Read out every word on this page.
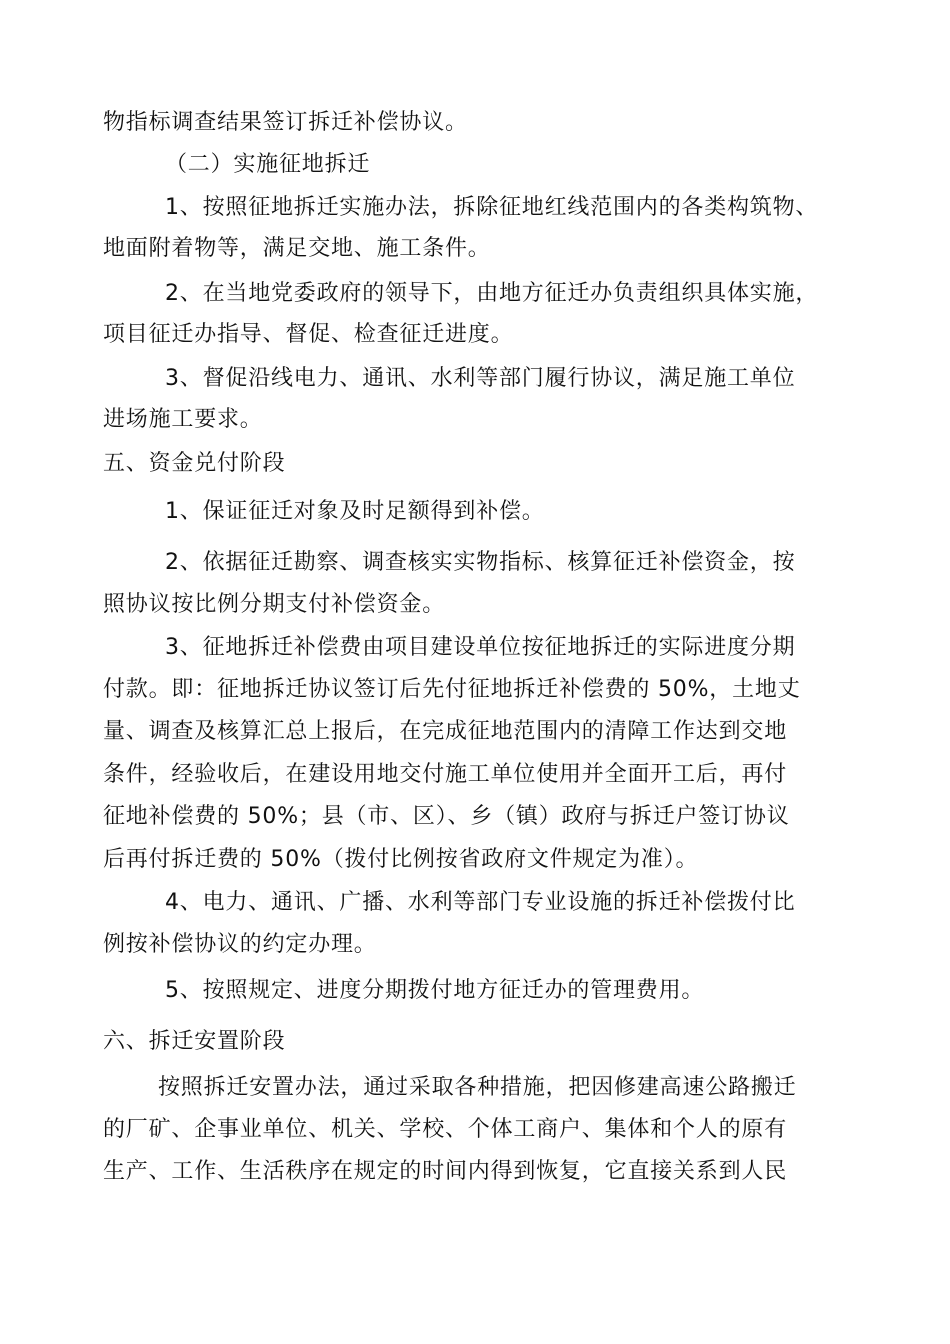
物指标调查结果签订拆迁补偿协议。
（二）实施征地拆迁
1、按照征地拆迁实施办法，拆除征地红线范围内的各类构筑物、
地面附着物等，满足交地、施工条件。
2、在当地党委政府的领导下，由地方征迁办负责组织具体实施，
项目征迁办指导、督促、检查征迁进度。
3、督促沿线电力、通讯、水利等部门履行协议，满足施工单位
进场施工要求。
五、资金兑付阶段
1、保证征迁对象及时足额得到补偿。
2、依据征迁勘察、调查核实实物指标、核算征迁补偿资金，按
照协议按比例分期支付补偿资金。
3、征地拆迁补偿费由项目建设单位按征地拆迁的实际进度分期
付款。即：征地拆迁协议签订后先付征地拆迁补偿费的 50%，土地丈
量、调查及核算汇总上报后，在完成征地范围内的清障工作达到交地
条件，经验收后，在建设用地交付施工单位使用并全面开工后，再付
征地补偿费的 50%；县（市、区）、乡（镇）政府与拆迁户签订协议
后再付拆迁费的 50%（拨付比例按省政府文件规定为准）。
4、电力、通讯、广播、水利等部门专业设施的拆迁补偿拨付比
例按补偿协议的约定办理。
5、按照规定、进度分期拨付地方征迁办的管理费用。
六、拆迁安置阶段
按照拆迁安置办法，通过采取各种措施，把因修建高速公路搬迁
的厂矿、企事业单位、机关、学校、个体工商户、集体和个人的原有
生产、工作、生活秩序在规定的时间内得到恢复，它直接关系到人民
